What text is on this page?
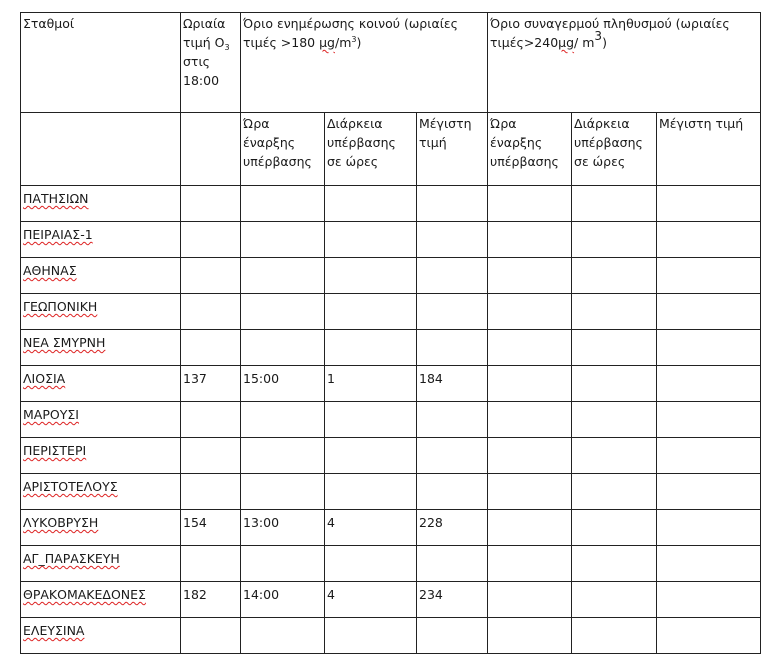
Σταθμοί	Ωριαία τιμή $O_3$ στις 18:00	Όριο ενημέρωσης κοινού (ωριαίες τιμές >180 $\mu g/m^3$)			Όριο συναγερμού πληθυσμού (ωριαίες τιμές>240μg/ $m^3$)		
		Ώρα έναρξης υπέρβασης	Διάρκεια υπέρβασης σε ώρες	Μέγιστη τιμή	Ώρα έναρξης υπέρβασης	Διάρκεια υπέρβασης σε ώρες	Μέγιστη τιμή
ΠΑΤΗΣΙΩΝ							
ΠΕΙΡΑΙΑΣ-1							
ΑΘΗΝΑΣ							
ΓΕΩΠΟΝΙΚΗ							
ΝΕΑ ΣΜΥΡΝΗ							
ΛΙΟΣΙΑ	137	15:00	1	184			
ΜΑΡΟΥΣΙ							
ΠΕΡΙΣΤΕΡΙ							
ΑΡΙΣΤΟΤΕΛΟΥΣ							
ΛΥΚΟΒΡΥΣΗ	154	13:00	4	228			
ΑΓ_ΠΑΡΑΣΚΕΥΗ							
ΘΡΑΚΟΜΑΚΕΔΟΝΕΣ	182	14:00	4	234			
ΕΛΕΥΣΙΝΑ							
